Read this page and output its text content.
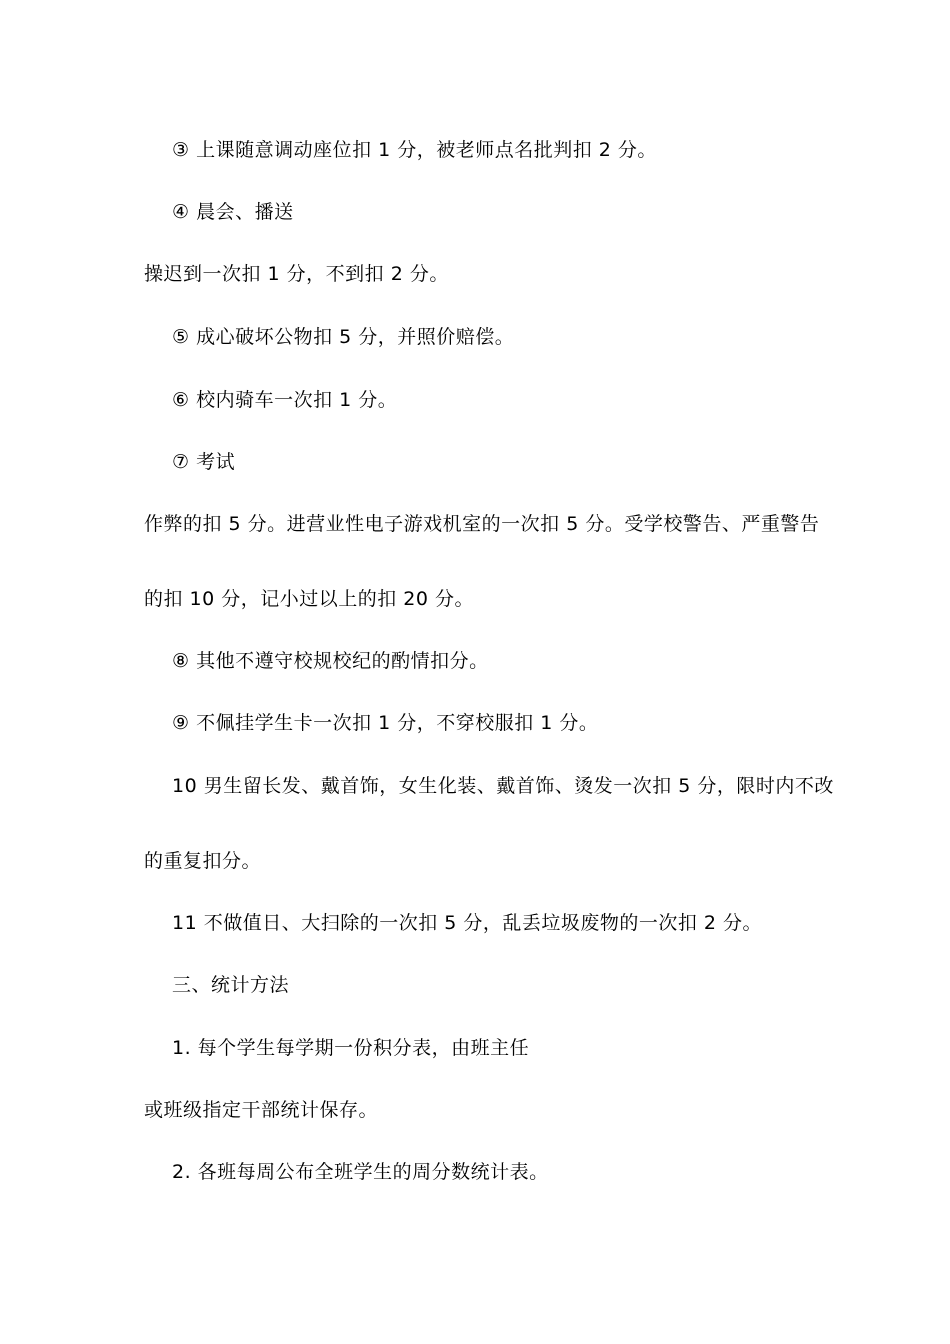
③ 上课随意调动座位扣 1 分，被老师点名批判扣 2 分。
④ 晨会、播送
操迟到一次扣 1 分，不到扣 2 分。
⑤ 成心破坏公物扣 5 分，并照价赔偿。
⑥ 校内骑车一次扣 1 分。
⑦ 考试
作弊的扣 5 分。进营业性电子游戏机室的一次扣 5 分。受学校警告、严重警告
的扣 10 分，记小过以上的扣 20 分。
⑧ 其他不遵守校规校纪的酌情扣分。
⑨ 不佩挂学生卡一次扣 1 分，不穿校服扣 1 分。
10 男生留长发、戴首饰，女生化装、戴首饰、烫发一次扣 5 分，限时内不改
的重复扣分。
11 不做值日、大扫除的一次扣 5 分，乱丢垃圾废物的一次扣 2 分。
三、统计方法
1. 每个学生每学期一份积分表，由班主任
或班级指定干部统计保存。
2. 各班每周公布全班学生的周分数统计表。
